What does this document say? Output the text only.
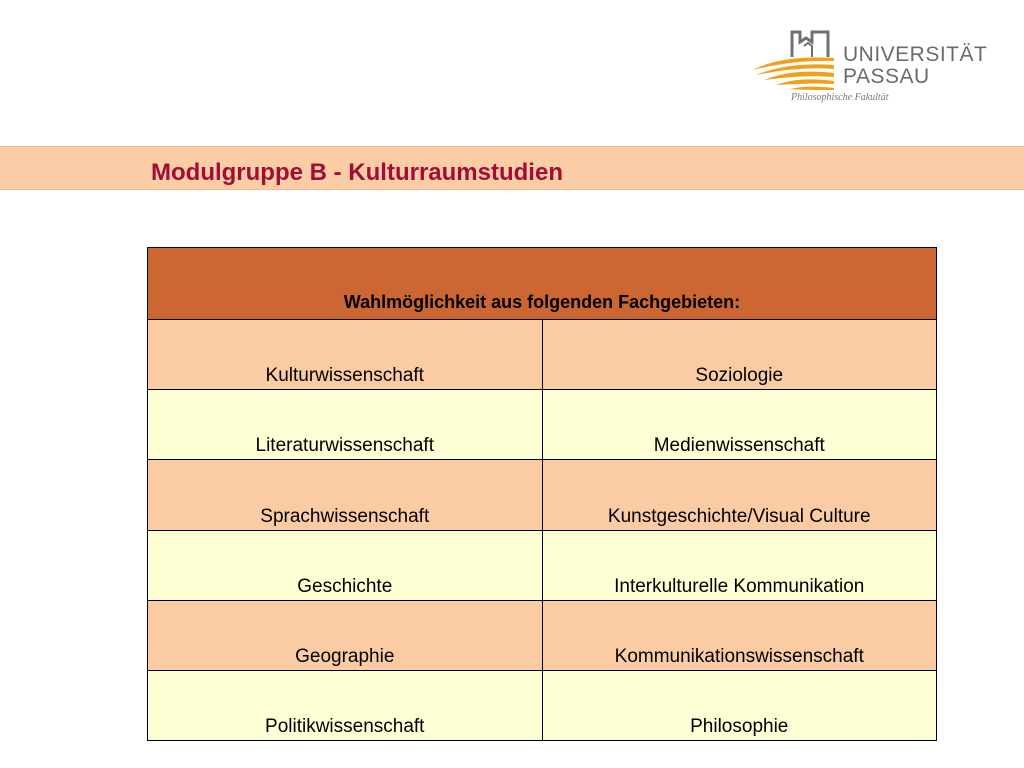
UNIVERSITÄT
PASSAU
Philosophische Fakultät
Modulgruppe B - Kulturraumstudien
Wahlmöglichkeit aus folgenden Fachgebieten:	
Kulturwissenschaft	Soziologie
Literaturwissenschaft	Medienwissenschaft
Sprachwissenschaft	Kunstgeschichte/Visual Culture
Geschichte	Interkulturelle Kommunikation
Geographie	Kommunikationswissenschaft
Politikwissenschaft	Philosophie
